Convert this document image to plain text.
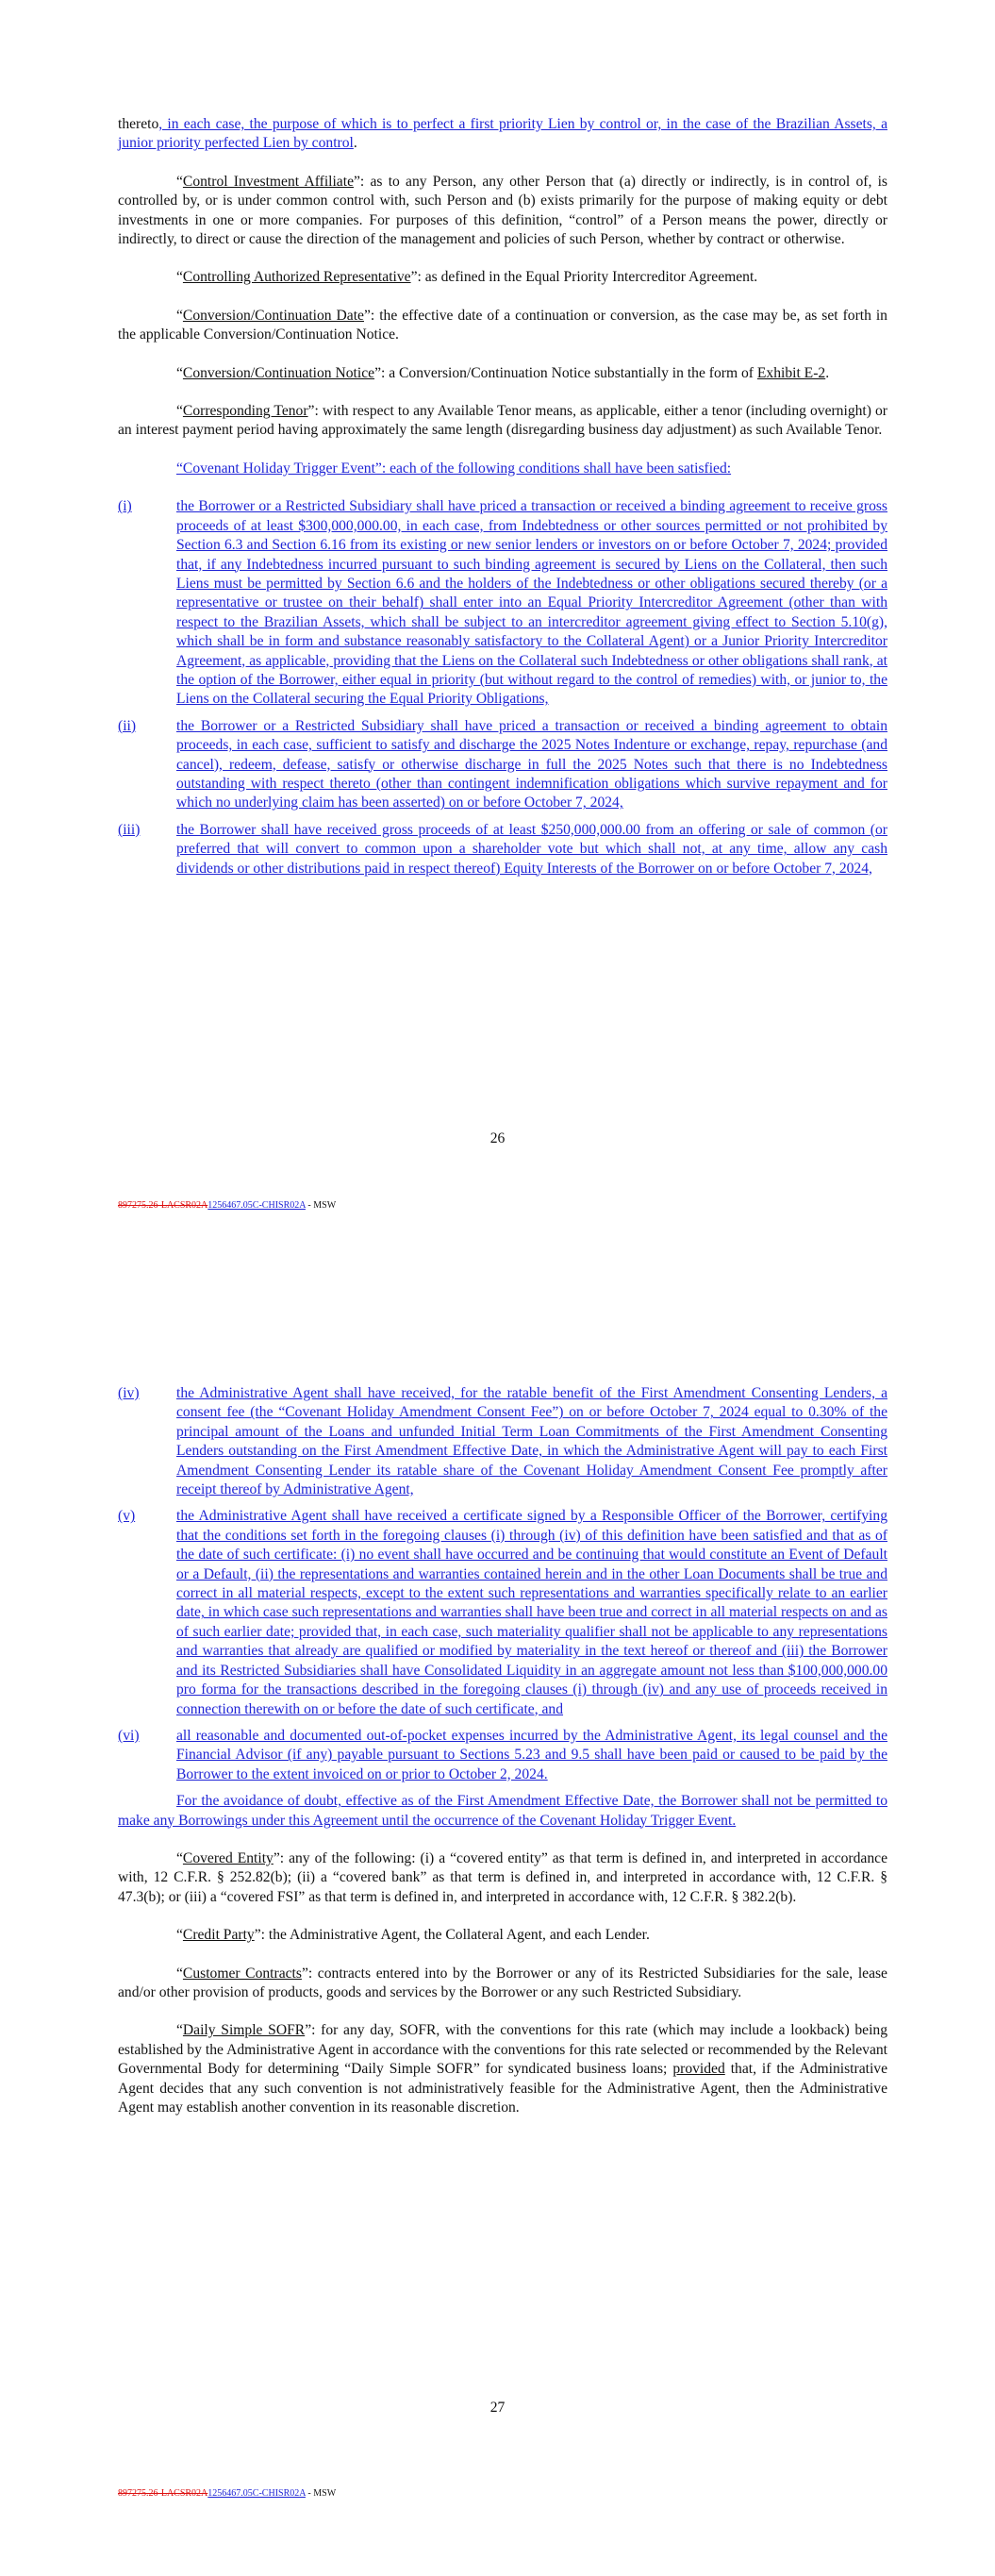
thereto, in each case, the purpose of which is to perfect a first priority Lien by control or, in the case of the Brazilian Assets, a junior priority perfected Lien by control.

“Control Investment Affiliate”: as to any Person, any other Person that (a) directly or indirectly, is in control of, is controlled by, or is under common control with, such Person and (b) exists primarily for the purpose of making equity or debt investments in one or more companies. For purposes of this definition, “control” of a Person means the power, directly or indirectly, to direct or cause the direction of the management and policies of such Person, whether by contract or otherwise.

“Controlling Authorized Representative”: as defined in the Equal Priority Intercreditor Agreement.

“Conversion/Continuation Date”: the effective date of a continuation or conversion, as the case may be, as set forth in the applicable Conversion/Continuation Notice.

“Conversion/Continuation Notice”: a Conversion/Continuation Notice substantially in the form of Exhibit E-2.

“Corresponding Tenor”: with respect to any Available Tenor means, as applicable, either a tenor (including overnight) or an interest payment period having approximately the same length (disregarding business day adjustment) as such Available Tenor.

“Covenant Holiday Trigger Event”: each of the following conditions shall have been satisfied:

(i)	the Borrower or a Restricted Subsidiary shall have priced a transaction or received a binding agreement to receive gross proceeds of at least $300,000,000.00, in each case, from Indebtedness or other sources permitted or not prohibited by Section 6.3 and Section 6.16 from its existing or new senior lenders or investors on or before October 7, 2024; provided that, if any Indebtedness incurred pursuant to such binding agreement is secured by Liens on the Collateral, then such Liens must be permitted by Section 6.6 and the holders of the Indebtedness or other obligations secured thereby (or a representative or trustee on their behalf) shall enter into an Equal Priority Intercreditor Agreement (other than with respect to the Brazilian Assets, which shall be subject to an intercreditor agreement giving effect to Section 5.10(g), which shall be in form and substance reasonably satisfactory to the Collateral Agent) or a Junior Priority Intercreditor Agreement, as applicable, providing that the Liens on the Collateral such Indebtedness or other obligations shall rank, at the option of the Borrower, either equal in priority (but without regard to the control of remedies) with, or junior to, the Liens on the Collateral securing the Equal Priority Obligations,
(ii)	the Borrower or a Restricted Subsidiary shall have priced a transaction or received a binding agreement to obtain proceeds, in each case, sufficient to satisfy and discharge the 2025 Notes Indenture or exchange, repay, repurchase (and cancel), redeem, defease, satisfy or otherwise discharge in full the 2025 Notes such that there is no Indebtedness outstanding with respect thereto (other than contingent indemnification obligations which survive repayment and for which no underlying claim has been asserted) on or before October 7, 2024,
(iii)	the Borrower shall have received gross proceeds of at least $250,000,000.00 from an offering or sale of common (or preferred that will convert to common upon a shareholder vote but which shall not, at any time, allow any cash dividends or other distributions paid in respect thereof) Equity Interests of the Borrower on or before October 7, 2024,
26
897275.26-LACSR02A1256467.05C-CHISR02A - MSW
(iv)	the Administrative Agent shall have received, for the ratable benefit of the First Amendment Consenting Lenders, a consent fee (the “Covenant Holiday Amendment Consent Fee”) on or before October 7, 2024 equal to 0.30% of the principal amount of the Loans and unfunded Initial Term Loan Commitments of the First Amendment Consenting Lenders outstanding on the First Amendment Effective Date, in which the Administrative Agent will pay to each First Amendment Consenting Lender its ratable share of the Covenant Holiday Amendment Consent Fee promptly after receipt thereof by Administrative Agent,
(v)	the Administrative Agent shall have received a certificate signed by a Responsible Officer of the Borrower, certifying that the conditions set forth in the foregoing clauses (i) through (iv) of this definition have been satisfied and that as of the date of such certificate: (i) no event shall have occurred and be continuing that would constitute an Event of Default or a Default, (ii) the representations and warranties contained herein and in the other Loan Documents shall be true and correct in all material respects, except to the extent such representations and warranties specifically relate to an earlier date, in which case such representations and warranties shall have been true and correct in all material respects on and as of such earlier date; provided that, in each case, such materiality qualifier shall not be applicable to any representations and warranties that already are qualified or modified by materiality in the text hereof or thereof and (iii) the Borrower and its Restricted Subsidiaries shall have Consolidated Liquidity in an aggregate amount not less than $100,000,000.00 pro forma for the transactions described in the foregoing clauses (i) through (iv) and any use of proceeds received in connection therewith on or before the date of such certificate, and
(vi)	all reasonable and documented out-of-pocket expenses incurred by the Administrative Agent, its legal counsel and the Financial Advisor (if any) payable pursuant to Sections 5.23 and 9.5 shall have been paid or caused to be paid by the Borrower to the extent invoiced on or prior to October 2, 2024.

For the avoidance of doubt, effective as of the First Amendment Effective Date, the Borrower shall not be permitted to make any Borrowings under this Agreement until the occurrence of the Covenant Holiday Trigger Event.

“Covered Entity”: any of the following: (i) a “covered entity” as that term is defined in, and interpreted in accordance with, 12 C.F.R. § 252.82(b); (ii) a “covered bank” as that term is defined in, and interpreted in accordance with, 12 C.F.R. § 47.3(b); or (iii) a “covered FSI” as that term is defined in, and interpreted in accordance with, 12 C.F.R. § 382.2(b).

“Credit Party”: the Administrative Agent, the Collateral Agent, and each Lender.

“Customer Contracts”: contracts entered into by the Borrower or any of its Restricted Subsidiaries for the sale, lease and/or other provision of products, goods and services by the Borrower or any such Restricted Subsidiary.

“Daily Simple SOFR”: for any day, SOFR, with the conventions for this rate (which may include a lookback) being established by the Administrative Agent in accordance with the conventions for this rate selected or recommended by the Relevant Governmental Body for determining “Daily Simple SOFR” for syndicated business loans; provided that, if the Administrative Agent decides that any such convention is not administratively feasible for the Administrative Agent, then the Administrative Agent may establish another convention in its reasonable discretion.

27
897275.26-LACSR02A1256467.05C-CHISR02A - MSW
